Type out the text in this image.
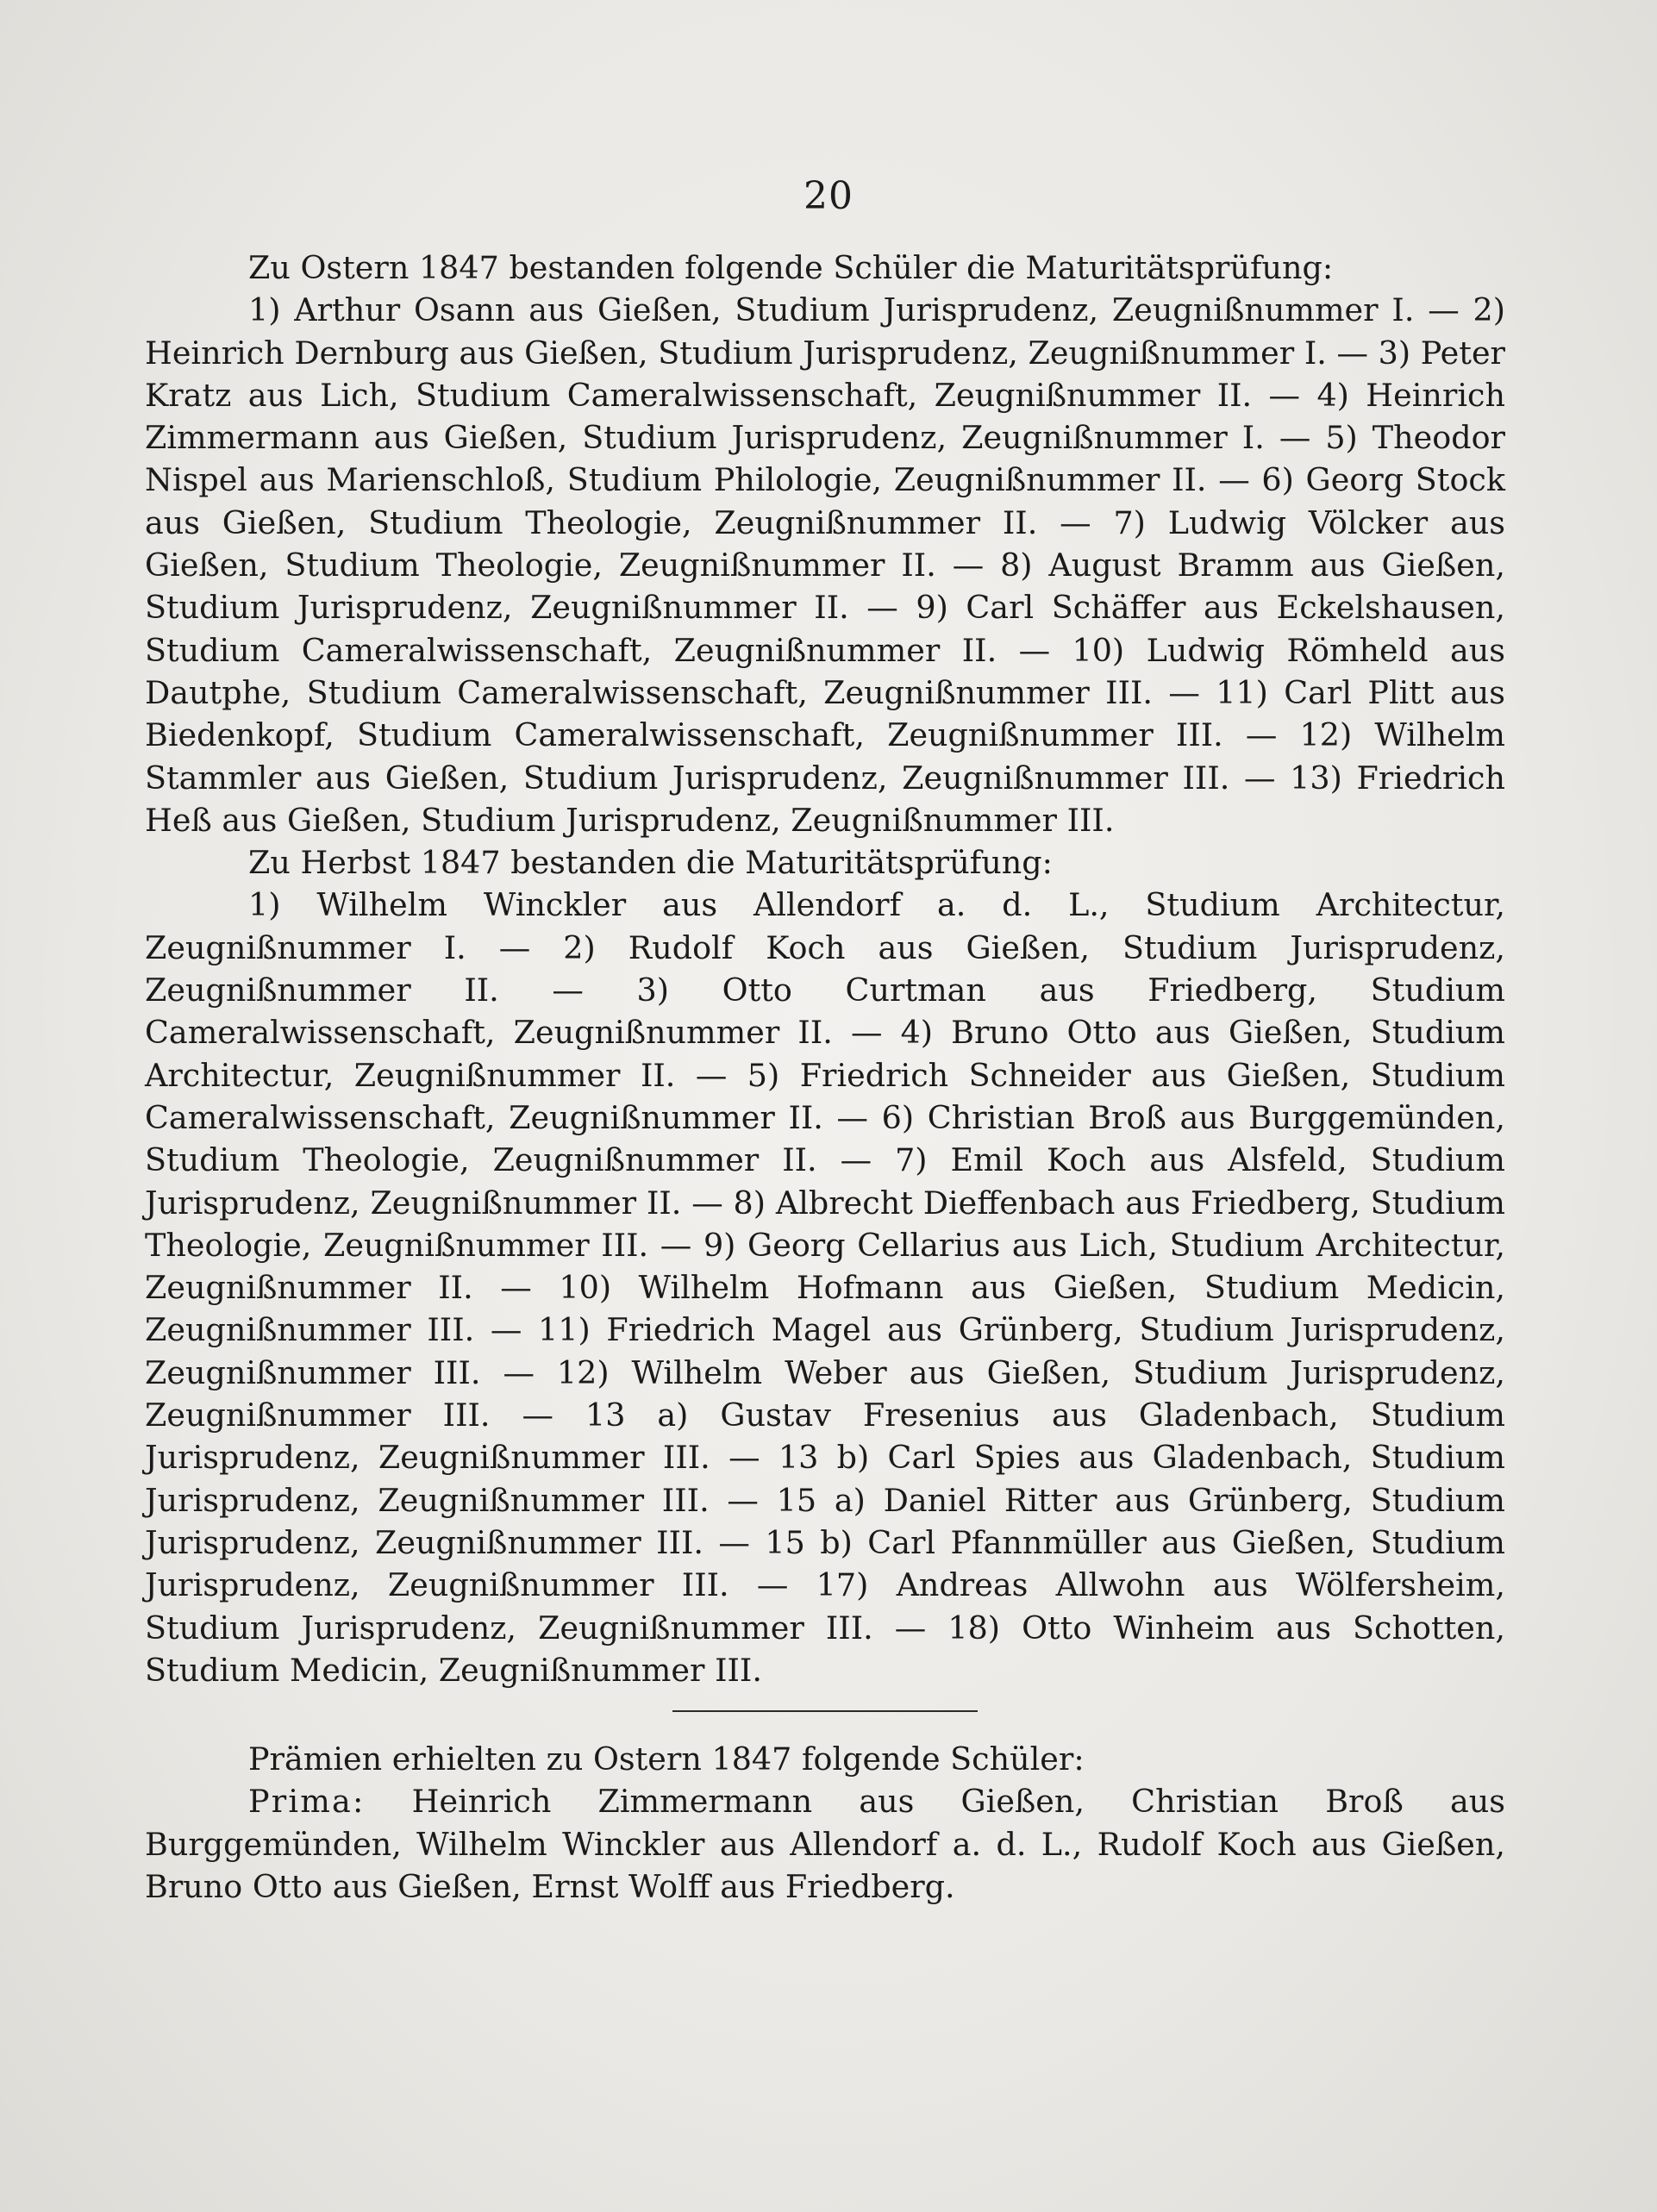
20

Zu Ostern 1847 bestanden folgende Schüler die Maturitätsprüfung:

1) Arthur Osann aus Gießen, Studium Jurisprudenz, Zeugnißnummer I. — 2) Heinrich Dernburg aus Gießen, Studium Jurisprudenz, Zeugnißnummer I. — 3) Peter Kratz aus Lich, Studium Cameralwissenschaft, Zeugnißnummer II. — 4) Heinrich Zimmermann aus Gießen, Studium Jurisprudenz, Zeugnißnummer I. — 5) Theodor Nispel aus Marienschloß, Studium Philologie, Zeugnißnummer II. — 6) Georg Stock aus Gießen, Studium Theologie, Zeugnißnummer II. — 7) Ludwig Völcker aus Gießen, Studium Theologie, Zeugnißnummer II. — 8) August Bramm aus Gießen, Studium Jurisprudenz, Zeugnißnummer II. — 9) Carl Schäffer aus Eckelshausen, Studium Cameralwissenschaft, Zeugnißnummer II. — 10) Ludwig Römheld aus Dautphe, Studium Cameralwissenschaft, Zeugnißnummer III. — 11) Carl Plitt aus Biedenkopf, Studium Cameralwissenschaft, Zeugnißnummer III. — 12) Wilhelm Stammler aus Gießen, Studium Jurisprudenz, Zeugnißnummer III. — 13) Friedrich Heß aus Gießen, Studium Jurisprudenz, Zeugnißnummer III.

Zu Herbst 1847 bestanden die Maturitätsprüfung:

1) Wilhelm Winckler aus Allendorf a. d. L., Studium Architectur, Zeugnißnummer I. — 2) Rudolf Koch aus Gießen, Studium Jurisprudenz, Zeugnißnummer II. — 3) Otto Curtman aus Friedberg, Studium Cameralwissenschaft, Zeugnißnummer II. — 4) Bruno Otto aus Gießen, Studium Architectur, Zeugnißnummer II. — 5) Friedrich Schneider aus Gießen, Studium Cameralwissenschaft, Zeugnißnummer II. — 6) Christian Broß aus Burggemünden, Studium Theologie, Zeugnißnummer II. — 7) Emil Koch aus Alsfeld, Studium Jurisprudenz, Zeugnißnummer II. — 8) Albrecht Dieffenbach aus Friedberg, Studium Theologie, Zeugnißnummer III. — 9) Georg Cellarius aus Lich, Studium Architectur, Zeugnißnummer II. — 10) Wilhelm Hofmann aus Gießen, Studium Medicin, Zeugnißnummer III. — 11) Friedrich Magel aus Grünberg, Studium Jurisprudenz, Zeugnißnummer III. — 12) Wilhelm Weber aus Gießen, Studium Jurisprudenz, Zeugnißnummer III. — 13 a) Gustav Fresenius aus Gladenbach, Studium Jurisprudenz, Zeugnißnummer III. — 13 b) Carl Spies aus Gladenbach, Studium Jurisprudenz, Zeugnißnummer III. — 15 a) Daniel Ritter aus Grünberg, Studium Jurisprudenz, Zeugnißnummer III. — 15 b) Carl Pfannmüller aus Gießen, Studium Jurisprudenz, Zeugnißnummer III. — 17) Andreas Allwohn aus Wölfersheim, Studium Jurisprudenz, Zeugnißnummer III. — 18) Otto Winheim aus Schotten, Studium Medicin, Zeugnißnummer III.

Prämien erhielten zu Ostern 1847 folgende Schüler:

Prima: Heinrich Zimmermann aus Gießen, Christian Broß aus Burggemünden, Wilhelm Winckler aus Allendorf a. d. L., Rudolf Koch aus Gießen, Bruno Otto aus Gießen, Ernst Wolff aus Friedberg.
